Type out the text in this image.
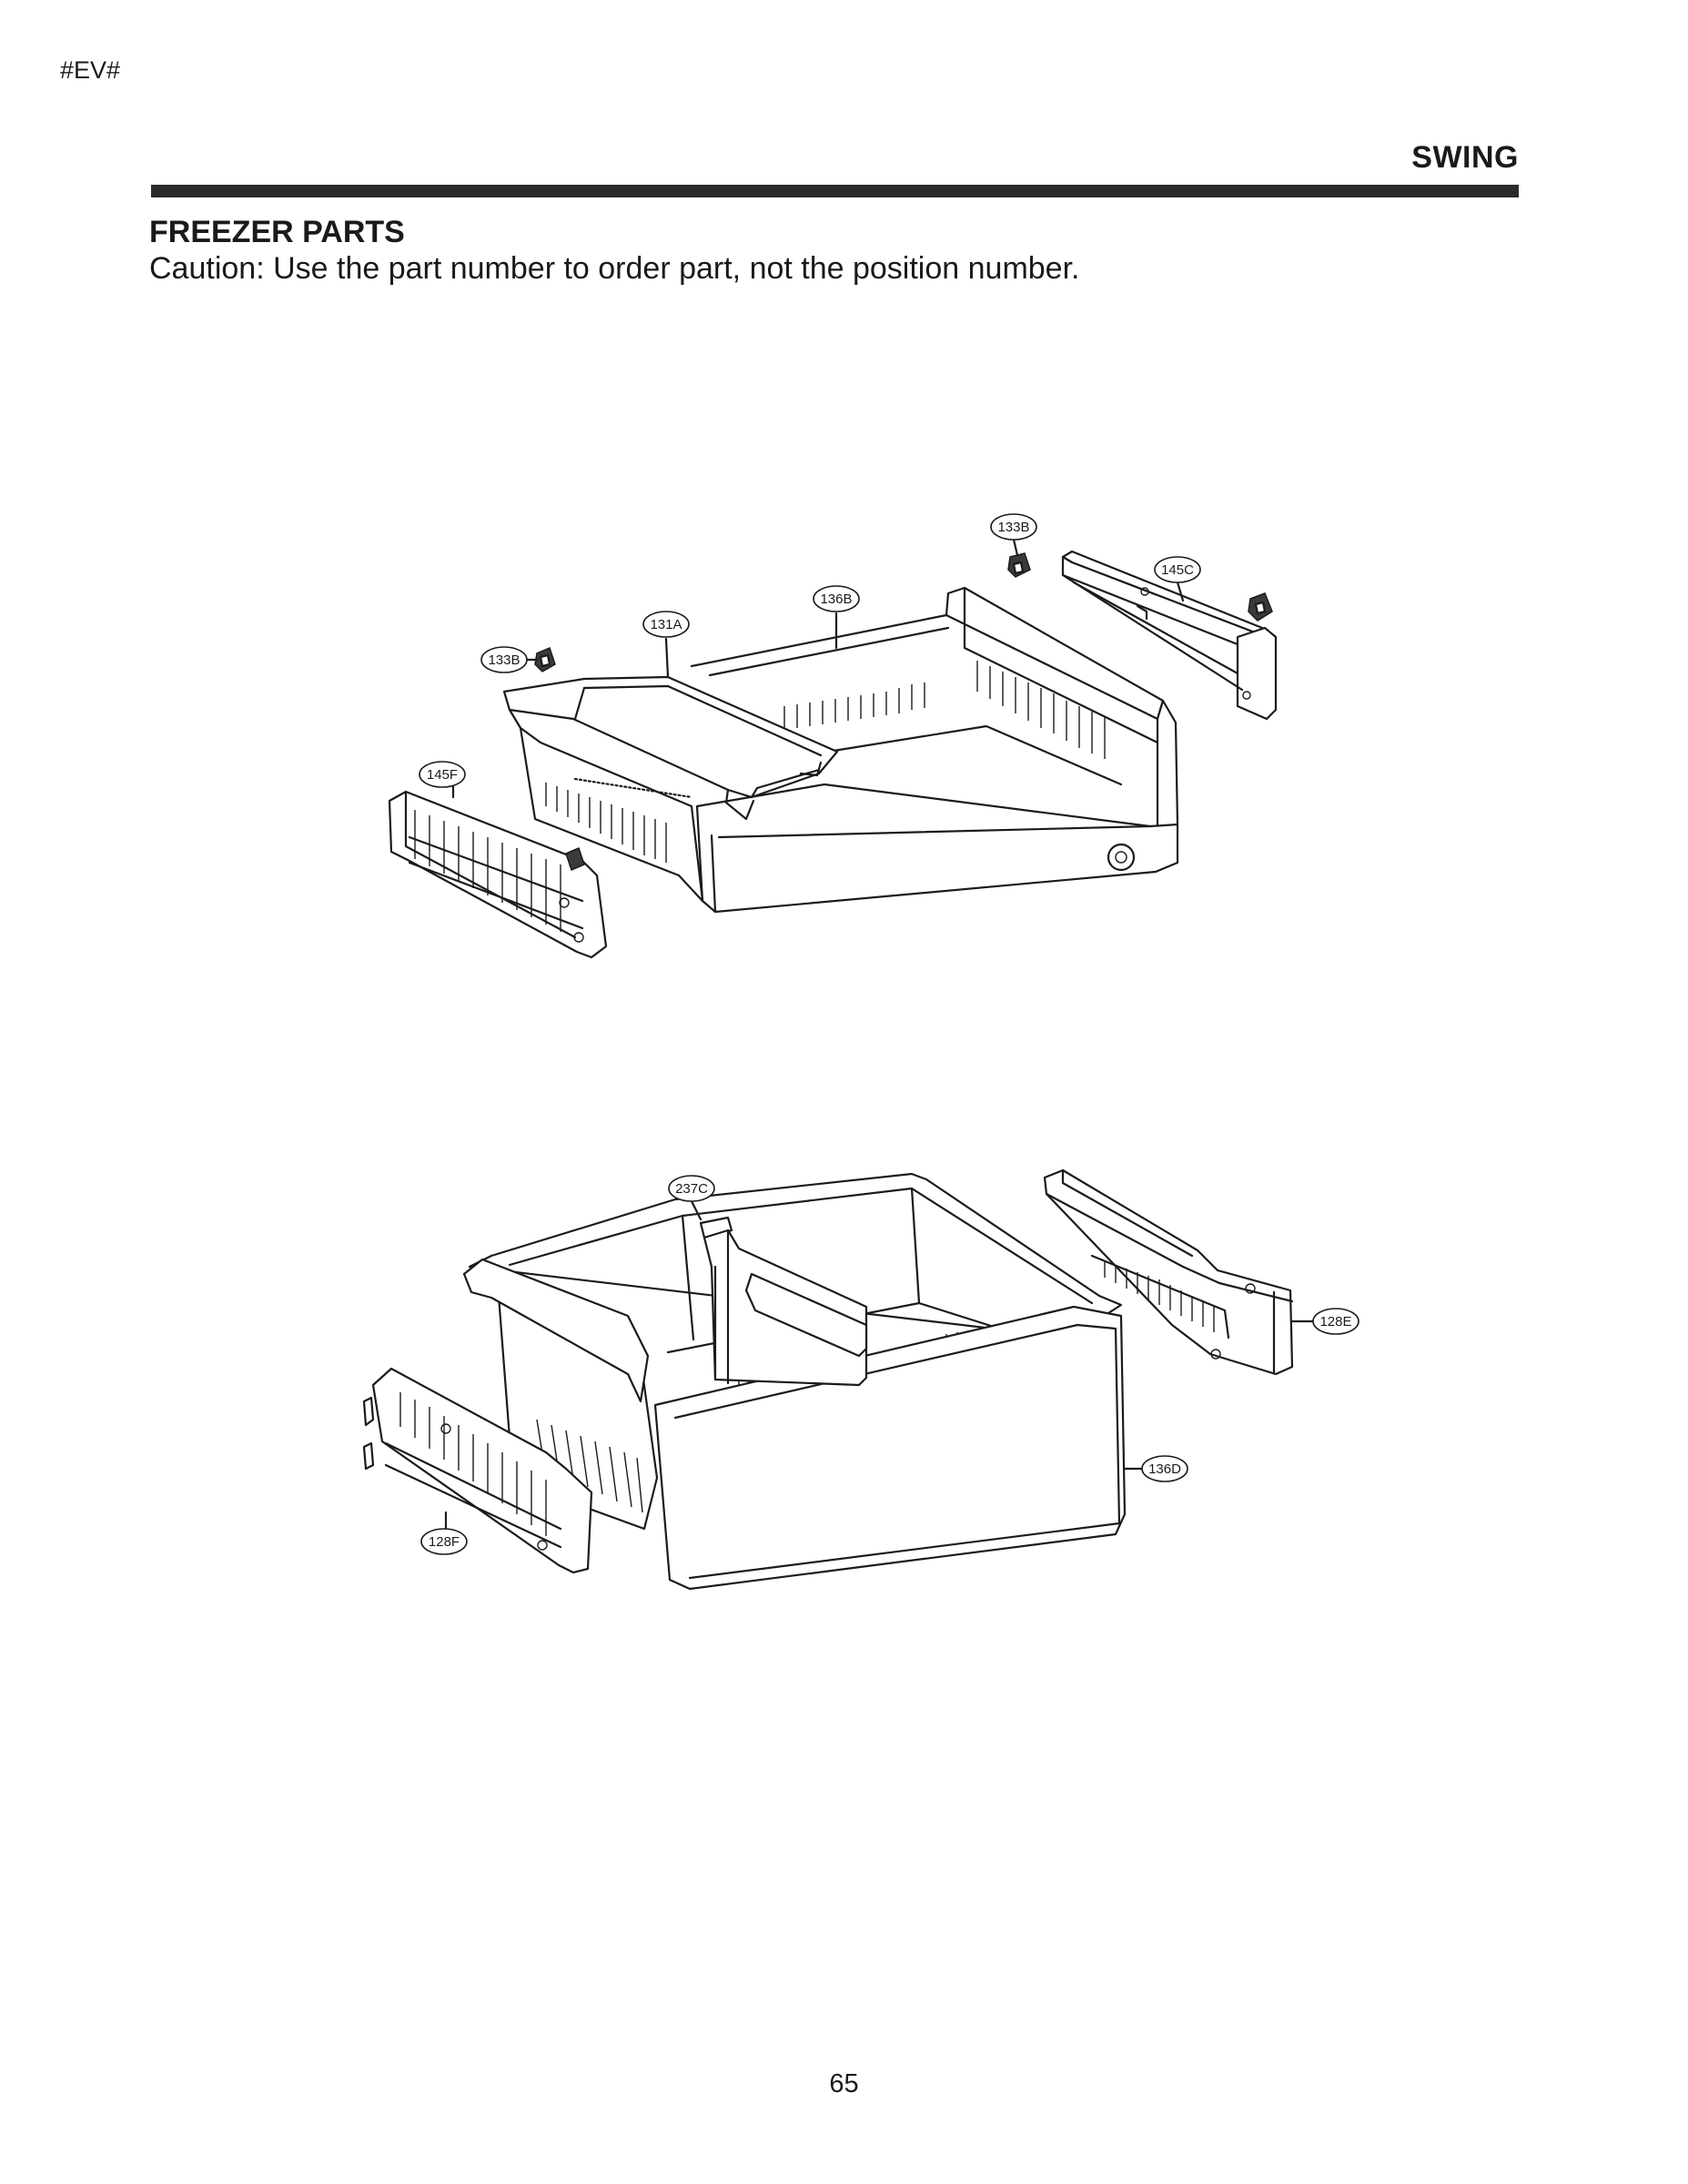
#EV#
SWING
FREEZER PARTS
Caution: Use the part number to order part, not the position number.
133B
145C
136B
131A
133B
145F
237C
128E
136D
128F
65
